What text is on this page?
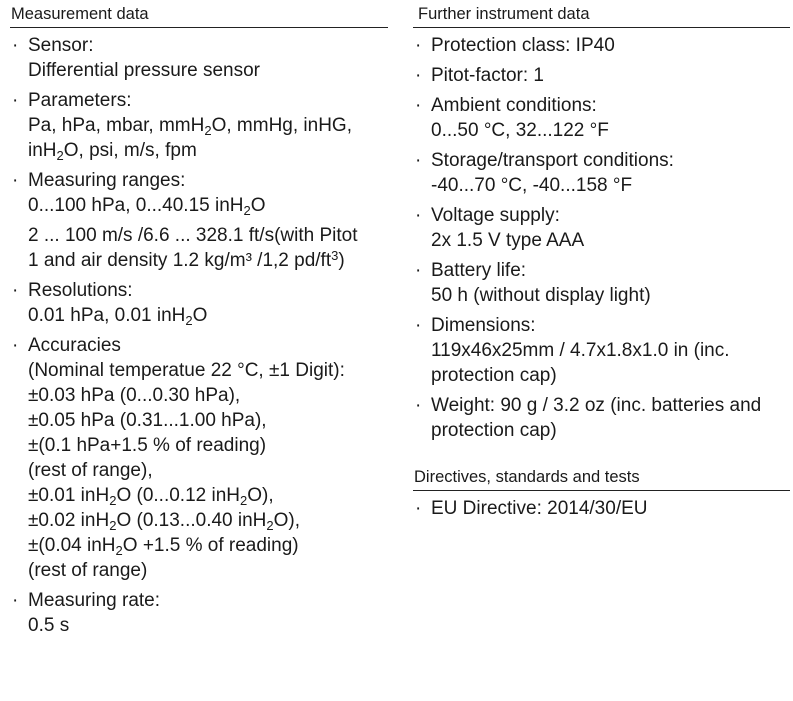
Measurement data
· Sensor:
Differential pressure sensor
· Parameters:
Pa, hPa, mbar, mmH$_2$O, mmHg, inHG,
inH$_2$O, psi, m/s, fpm
· Measuring ranges:
0...100 hPa, 0...40.15 inH$_2$O
2 ... 100 m/s /6.6 ... 328.1 ft/s(with Pitot
1 and air density 1.2 kg/m³ /1,2 $pd/ft^3$)
· Resolutions:
0.01 hPa, 0.01 inH$_2$O
· Accuracies
(Nominal temperatue 22 °C, ±1 Digit):
±0.03 hPa (0...0.30 hPa),
±0.05 hPa (0.31...1.00 hPa),
±(0.1 hPa+1.5 % of reading)
(rest of range),
±0.01 inH$_2$O (0...0.12 inH$_2$O),
±0.02 inH$_2$O (0.13...0.40 inH$_2$O),
±(0.04 inH$_2$O +1.5 % of reading)
(rest of range)
· Measuring rate:
0.5 s
Further instrument data
· Protection class: IP40
· Pitot-factor: 1
· Ambient conditions:
0...50 °C, 32...122 °F
· Storage/transport conditions:
-40...70 °C, -40...158 °F
· Voltage supply:
2x 1.5 V type AAA
· Battery life:
50 h (without display light)
· Dimensions:
119x46x25mm / 4.7x1.8x1.0 in (inc.
protection cap)
· Weight: 90 g / 3.2 oz (inc. batteries and
protection cap)
Directives, standards and tests
· EU Directive: 2014/30/EU
